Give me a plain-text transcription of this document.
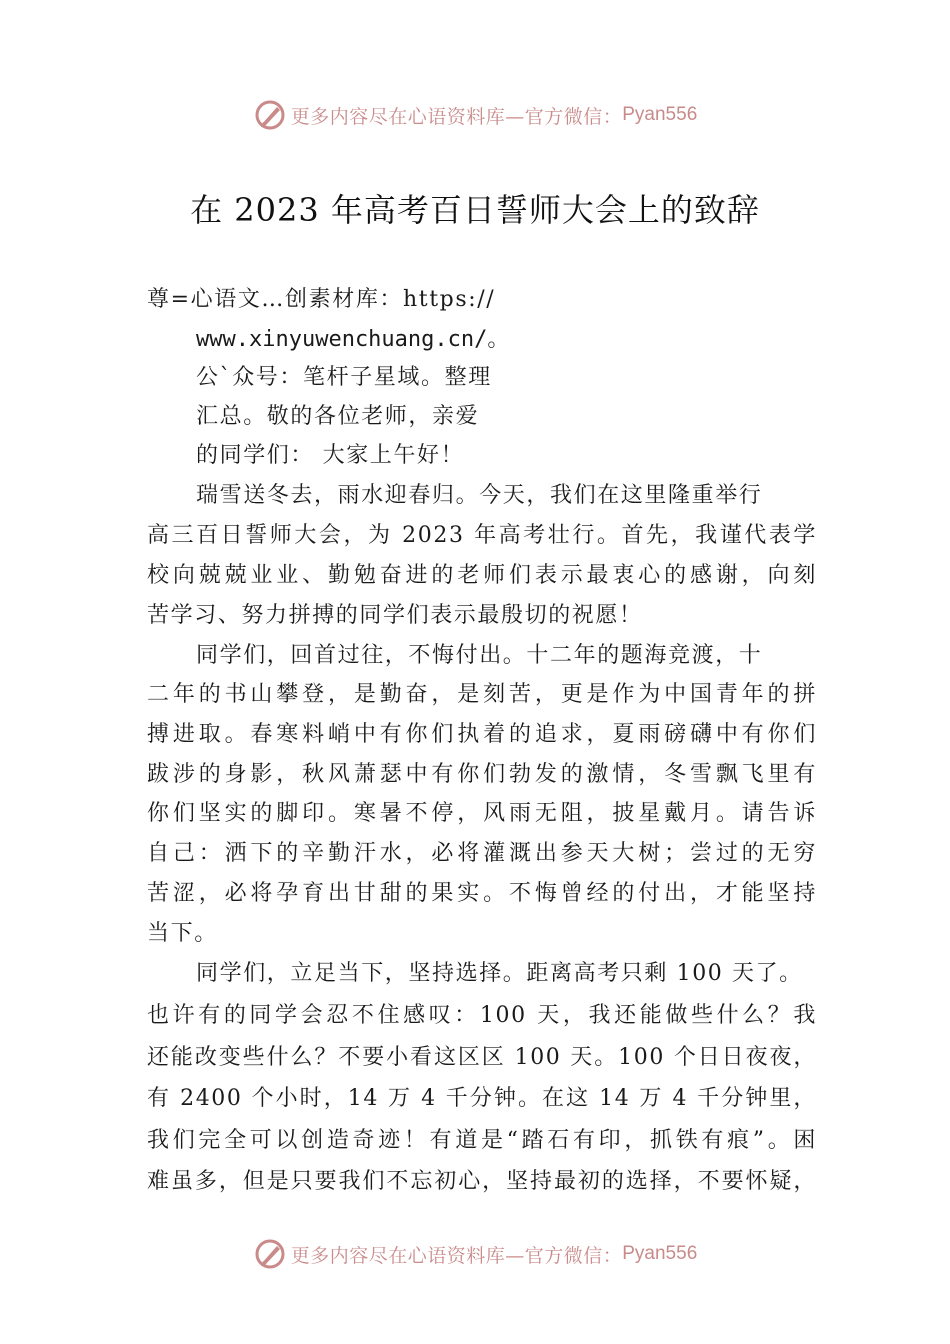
更多内容尽在心语资料库—官方微信： Pyan556
在 2023 年高考百日誓师大会上的致辞
尊=心语文…创素材库：https://
www.xinyuwenchuang.cn/。
公`众号：笔杆子星域。整理
汇总。敬的各位老师，亲爱
的同学们： 大家上午好！
瑞雪送冬去，雨水迎春归。今天，我们在这里隆重举行
高三百日誓师大会，为 2023 年高考壮行。首先，我谨代表学
校向兢兢业业、勤勉奋进的老师们表示最衷心的感谢，向刻
苦学习、努力拼搏的同学们表示最殷切的祝愿！
同学们，回首过往，不悔付出。十二年的题海竞渡，十
二年的书山攀登，是勤奋，是刻苦，更是作为中国青年的拼
搏进取。春寒料峭中有你们执着的追求，夏雨磅礴中有你们
跋涉的身影，秋风萧瑟中有你们勃发的激情，冬雪飘飞里有
你们坚实的脚印。寒暑不停，风雨无阻，披星戴月。请告诉
自己：洒下的辛勤汗水，必将灌溉出参天大树；尝过的无穷
苦涩，必将孕育出甘甜的果实。不悔曾经的付出，才能坚持
当下。
同学们，立足当下，坚持选择。距离高考只剩 100 天了。
也许有的同学会忍不住感叹：100 天，我还能做些什么？我
还能改变些什么？不要小看这区区 100 天。100 个日日夜夜，
有 2400 个小时，14 万 4 千分钟。在这 14 万 4 千分钟里，
我们完全可以创造奇迹！有道是“踏石有印，抓铁有痕”。困
难虽多，但是只要我们不忘初心，坚持最初的选择，不要怀疑，
更多内容尽在心语资料库—官方微信： Pyan556
